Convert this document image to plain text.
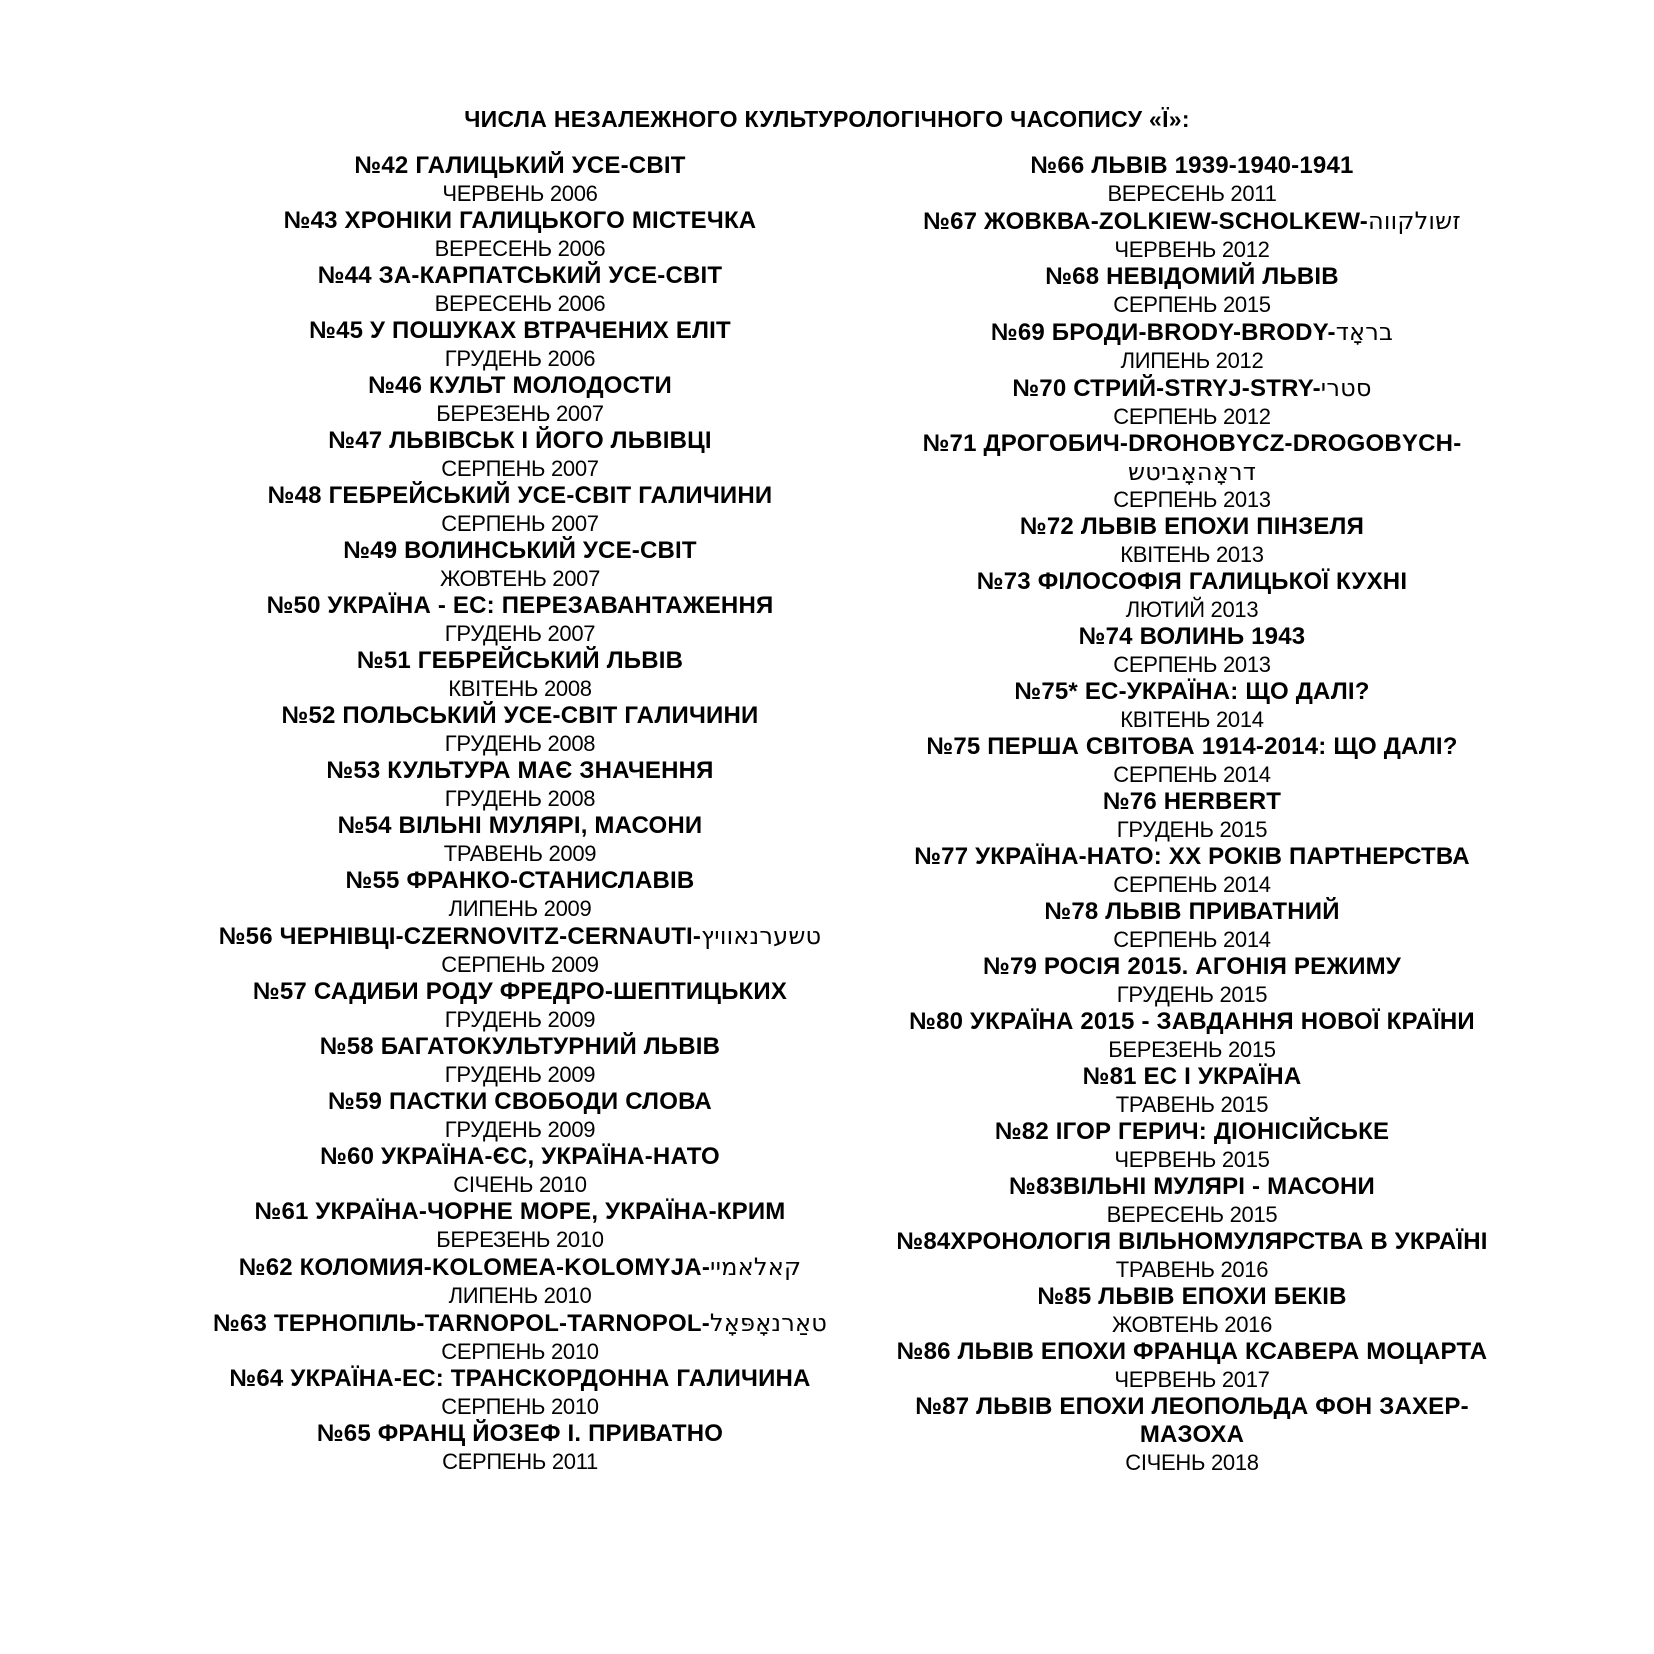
ЧИСЛА НЕЗАЛЕЖНОГО КУЛЬТУРОЛОГІЧНОГО ЧАСОПИСУ «Ї»:
№42 ГАЛИЦЬКИЙ УСЕ-СВІТ
ЧЕРВЕНЬ 2006
№43 ХРОНІКИ ГАЛИЦЬКОГО МІСТЕЧКА
ВЕРЕСЕНЬ 2006
№44 ЗА-КАРПАТСЬКИЙ УСЕ-СВІТ
ВЕРЕСЕНЬ 2006
№45 У ПОШУКАХ ВТРАЧЕНИХ ЕЛІТ
ГРУДЕНЬ 2006
№46 КУЛЬТ МОЛОДОСТИ
БЕРЕЗЕНЬ 2007
№47 ЛЬВІВСЬК І ЙОГО ЛЬВІВЦІ
СЕРПЕНЬ 2007
№48 ГЕБРЕЙСЬКИЙ УСЕ-СВІТ ГАЛИЧИНИ
СЕРПЕНЬ 2007
№49 ВОЛИНСЬКИЙ УСЕ-СВІТ
ЖОВТЕНЬ 2007
№50 УКРАЇНА - ЕС: ПЕРЕЗАВАНТАЖЕННЯ
ГРУДЕНЬ 2007
№51 ГЕБРЕЙСЬКИЙ ЛЬВІВ
КВІТЕНЬ 2008
№52 ПОЛЬСЬКИЙ УСЕ-СВІТ ГАЛИЧИНИ
ГРУДЕНЬ 2008
№53 КУЛЬТУРА МАЄ ЗНАЧЕННЯ
ГРУДЕНЬ 2008
№54 ВІЛЬНІ МУЛЯРІ, МАСОНИ
ТРАВЕНЬ 2009
№55 ФРАНКО-СТАНИСЛАВІВ
ЛИПЕНЬ 2009
№56 ЧЕРНІВЦІ-CZERNOVITZ-CERNAUTI-טשערנאוויץ
СЕРПЕНЬ 2009
№57 САДИБИ РОДУ ФРЕДРО-ШЕПТИЦЬКИХ
ГРУДЕНЬ 2009
№58 БАГАТОКУЛЬТУРНИЙ ЛЬВІВ
ГРУДЕНЬ 2009
№59 ПАСТКИ СВОБОДИ СЛОВА
ГРУДЕНЬ 2009
№60 УКРАЇНА-ЄС, УКРАЇНА-НАТО
СІЧЕНЬ 2010
№61 УКРАЇНА-ЧОРНЕ МОРЕ, УКРАЇНА-КРИМ
БЕРЕЗЕНЬ 2010
№62 КОЛОМИЯ-KOLOMEA-KOLOMYJA-קאלאמיי
ЛИПЕНЬ 2010
№63 ТЕРНОПІЛЬ-TARNOPOL-TARNOPOL-טאַרנאָפּאָל
СЕРПЕНЬ 2010
№64 УКРАЇНА-ЕС: ТРАНСКОРДОННА ГАЛИЧИНА
СЕРПЕНЬ 2010
№65 ФРАНЦ ЙОЗЕФ І. ПРИВАТНО
СЕРПЕНЬ 2011
№66 ЛЬВІВ 1939-1940-1941
ВЕРЕСЕНЬ 2011
№67 ЖОВКВА-ZOLKIEW-SCHOLKEW-זשולקווה
ЧЕРВЕНЬ 2012
№68 НЕВІДОМИЙ ЛЬВІВ
СЕРПЕНЬ 2015
№69 БРОДИ-BRODY-BRODY-בראָד
ЛИПЕНЬ 2012
№70 СТРИЙ-STRYJ-STRY-סטרי
СЕРПЕНЬ 2012
№71 ДРОГОБИЧ-DROHOBYCZ-DROGOBYCH-
דראָהאָביטש
СЕРПЕНЬ 2013
№72 ЛЬВІВ ЕПОХИ ПІНЗЕЛЯ
КВІТЕНЬ 2013
№73 ФІЛОСОФІЯ ГАЛИЦЬКОЇ КУХНІ
ЛЮТИЙ 2013
№74 ВОЛИНЬ 1943
СЕРПЕНЬ 2013
№75* ЕС-УКРАЇНА: ЩО ДАЛІ?
КВІТЕНЬ 2014
№75 ПЕРША СВІТОВА 1914-2014: ЩО ДАЛІ?
СЕРПЕНЬ 2014
№76 HERBERT
ГРУДЕНЬ 2015
№77 УКРАЇНА-НАТО: XX РОКІВ ПАРТНЕРСТВА
СЕРПЕНЬ 2014
№78 ЛЬВІВ ПРИВАТНИЙ
СЕРПЕНЬ 2014
№79 РОСІЯ 2015. АГОНІЯ РЕЖИМУ
ГРУДЕНЬ 2015
№80 УКРАЇНА 2015 - ЗАВДАННЯ НОВОЇ КРАЇНИ
БЕРЕЗЕНЬ 2015
№81 ЕС І УКРАЇНА
ТРАВЕНЬ 2015
№82 ІГОР ГЕРИЧ: ДІОНІСІЙСЬКЕ
ЧЕРВЕНЬ 2015
№83ВІЛЬНІ МУЛЯРІ - МАСОНИ
ВЕРЕСЕНЬ 2015
№84ХРОНОЛОГІЯ ВІЛЬНОМУЛЯРСТВА В УКРАЇНІ
ТРАВЕНЬ 2016
№85 ЛЬВІВ ЕПОХИ БЕКІВ
ЖОВТЕНЬ 2016
№86 ЛЬВІВ ЕПОХИ ФРАНЦА КСАВЕРА МОЦАРТА
ЧЕРВЕНЬ 2017
№87 ЛЬВІВ ЕПОХИ ЛЕОПОЛЬДА ФОН ЗАХЕР-МАЗОХА
СІЧЕНЬ 2018
